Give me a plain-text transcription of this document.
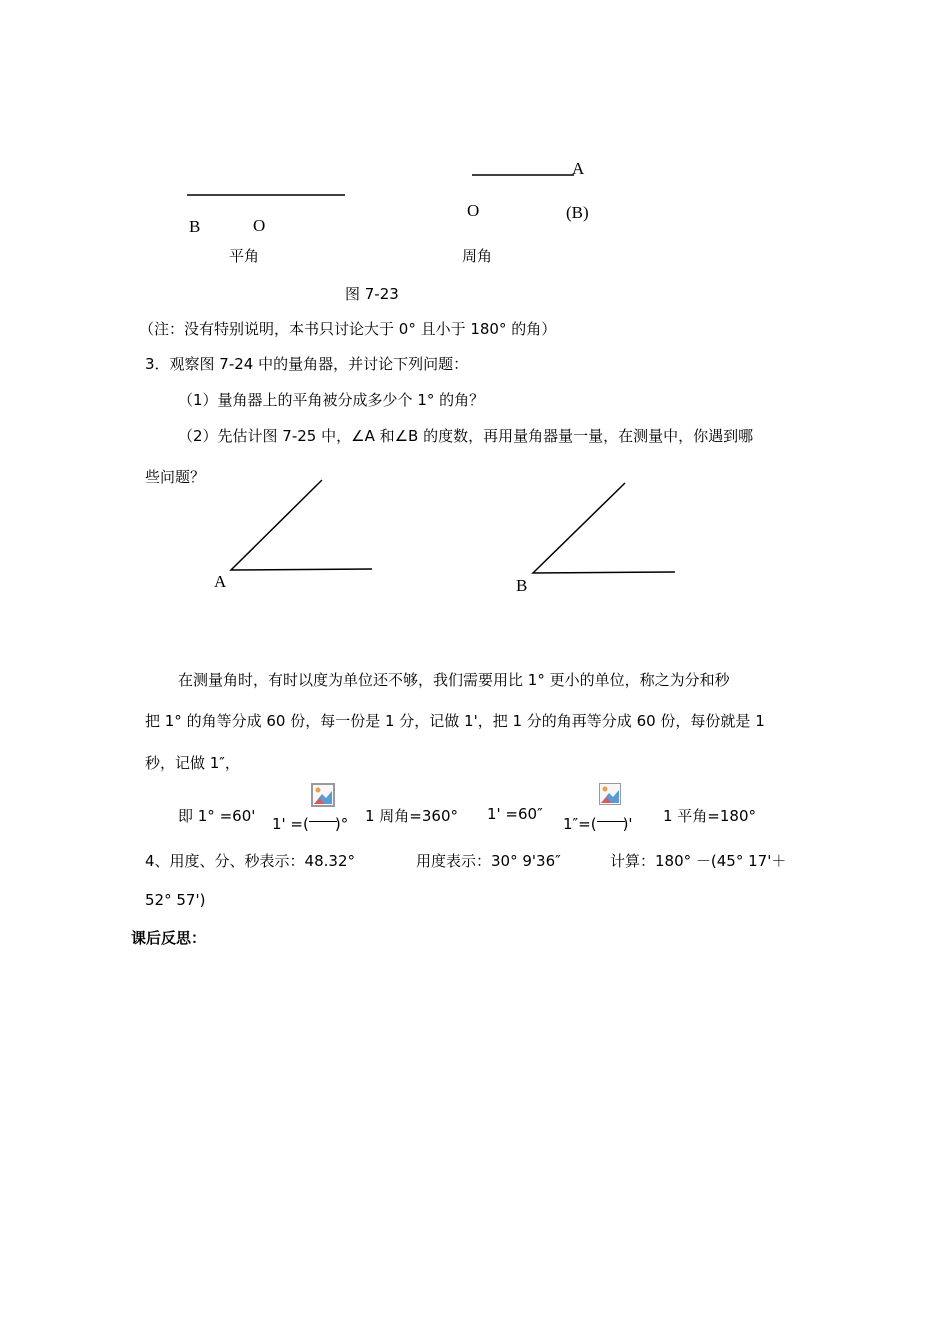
B	O
平角
A
O	(B)
周角
图 7-23
（注：没有特别说明，本书只讨论大于 0° 且小于 180° 的角）
3．观察图 7-24 中的量角器，并讨论下列问题：
（1）量角器上的平角被分成多少个 1° 的角？
（2）先估计图 7-25 中，∠A 和∠B 的度数，再用量角器量一量，在测量中，你遇到哪
些问题？
A	B
在测量角时，有时以度为单位还不够，我们需要用比 1° 更小的单位，称之为分和秒
把 1° 的角等分成 60 份，每一份是 1 分，记做 1'，把 1 分的角再等分成 60 份，每份就是 1
秒，记做 1″，
即 1° =60' 1' =( )° 1 周角=360° 1' =60″
1″=( )' 1 平角=180°
4、用度、分、秒表示：48.32°	用度表示：30° 9'36″	计算：180° －(45° 17'＋
52° 57')
课后反思：
